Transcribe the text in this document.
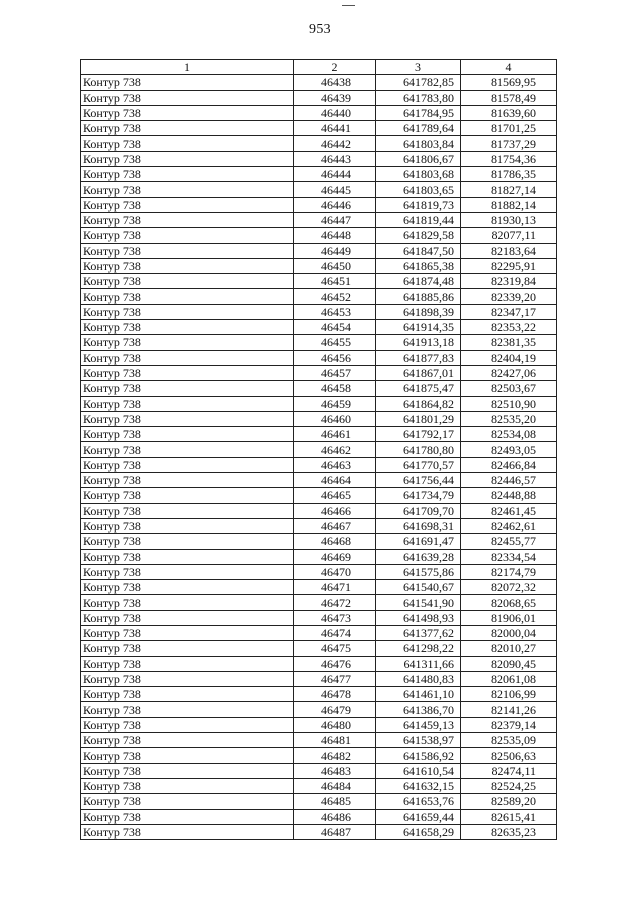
953
1	2	3	4
Контур 738	46438	641782,85	81569,95
Контур 738	46439	641783,80	81578,49
Контур 738	46440	641784,95	81639,60
Контур 738	46441	641789,64	81701,25
Контур 738	46442	641803,84	81737,29
Контур 738	46443	641806,67	81754,36
Контур 738	46444	641803,68	81786,35
Контур 738	46445	641803,65	81827,14
Контур 738	46446	641819,73	81882,14
Контур 738	46447	641819,44	81930,13
Контур 738	46448	641829,58	82077,11
Контур 738	46449	641847,50	82183,64
Контур 738	46450	641865,38	82295,91
Контур 738	46451	641874,48	82319,84
Контур 738	46452	641885,86	82339,20
Контур 738	46453	641898,39	82347,17
Контур 738	46454	641914,35	82353,22
Контур 738	46455	641913,18	82381,35
Контур 738	46456	641877,83	82404,19
Контур 738	46457	641867,01	82427,06
Контур 738	46458	641875,47	82503,67
Контур 738	46459	641864,82	82510,90
Контур 738	46460	641801,29	82535,20
Контур 738	46461	641792,17	82534,08
Контур 738	46462	641780,80	82493,05
Контур 738	46463	641770,57	82466,84
Контур 738	46464	641756,44	82446,57
Контур 738	46465	641734,79	82448,88
Контур 738	46466	641709,70	82461,45
Контур 738	46467	641698,31	82462,61
Контур 738	46468	641691,47	82455,77
Контур 738	46469	641639,28	82334,54
Контур 738	46470	641575,86	82174,79
Контур 738	46471	641540,67	82072,32
Контур 738	46472	641541,90	82068,65
Контур 738	46473	641498,93	81906,01
Контур 738	46474	641377,62	82000,04
Контур 738	46475	641298,22	82010,27
Контур 738	46476	641311,66	82090,45
Контур 738	46477	641480,83	82061,08
Контур 738	46478	641461,10	82106,99
Контур 738	46479	641386,70	82141,26
Контур 738	46480	641459,13	82379,14
Контур 738	46481	641538,97	82535,09
Контур 738	46482	641586,92	82506,63
Контур 738	46483	641610,54	82474,11
Контур 738	46484	641632,15	82524,25
Контур 738	46485	641653,76	82589,20
Контур 738	46486	641659,44	82615,41
Контур 738	46487	641658,29	82635,23
